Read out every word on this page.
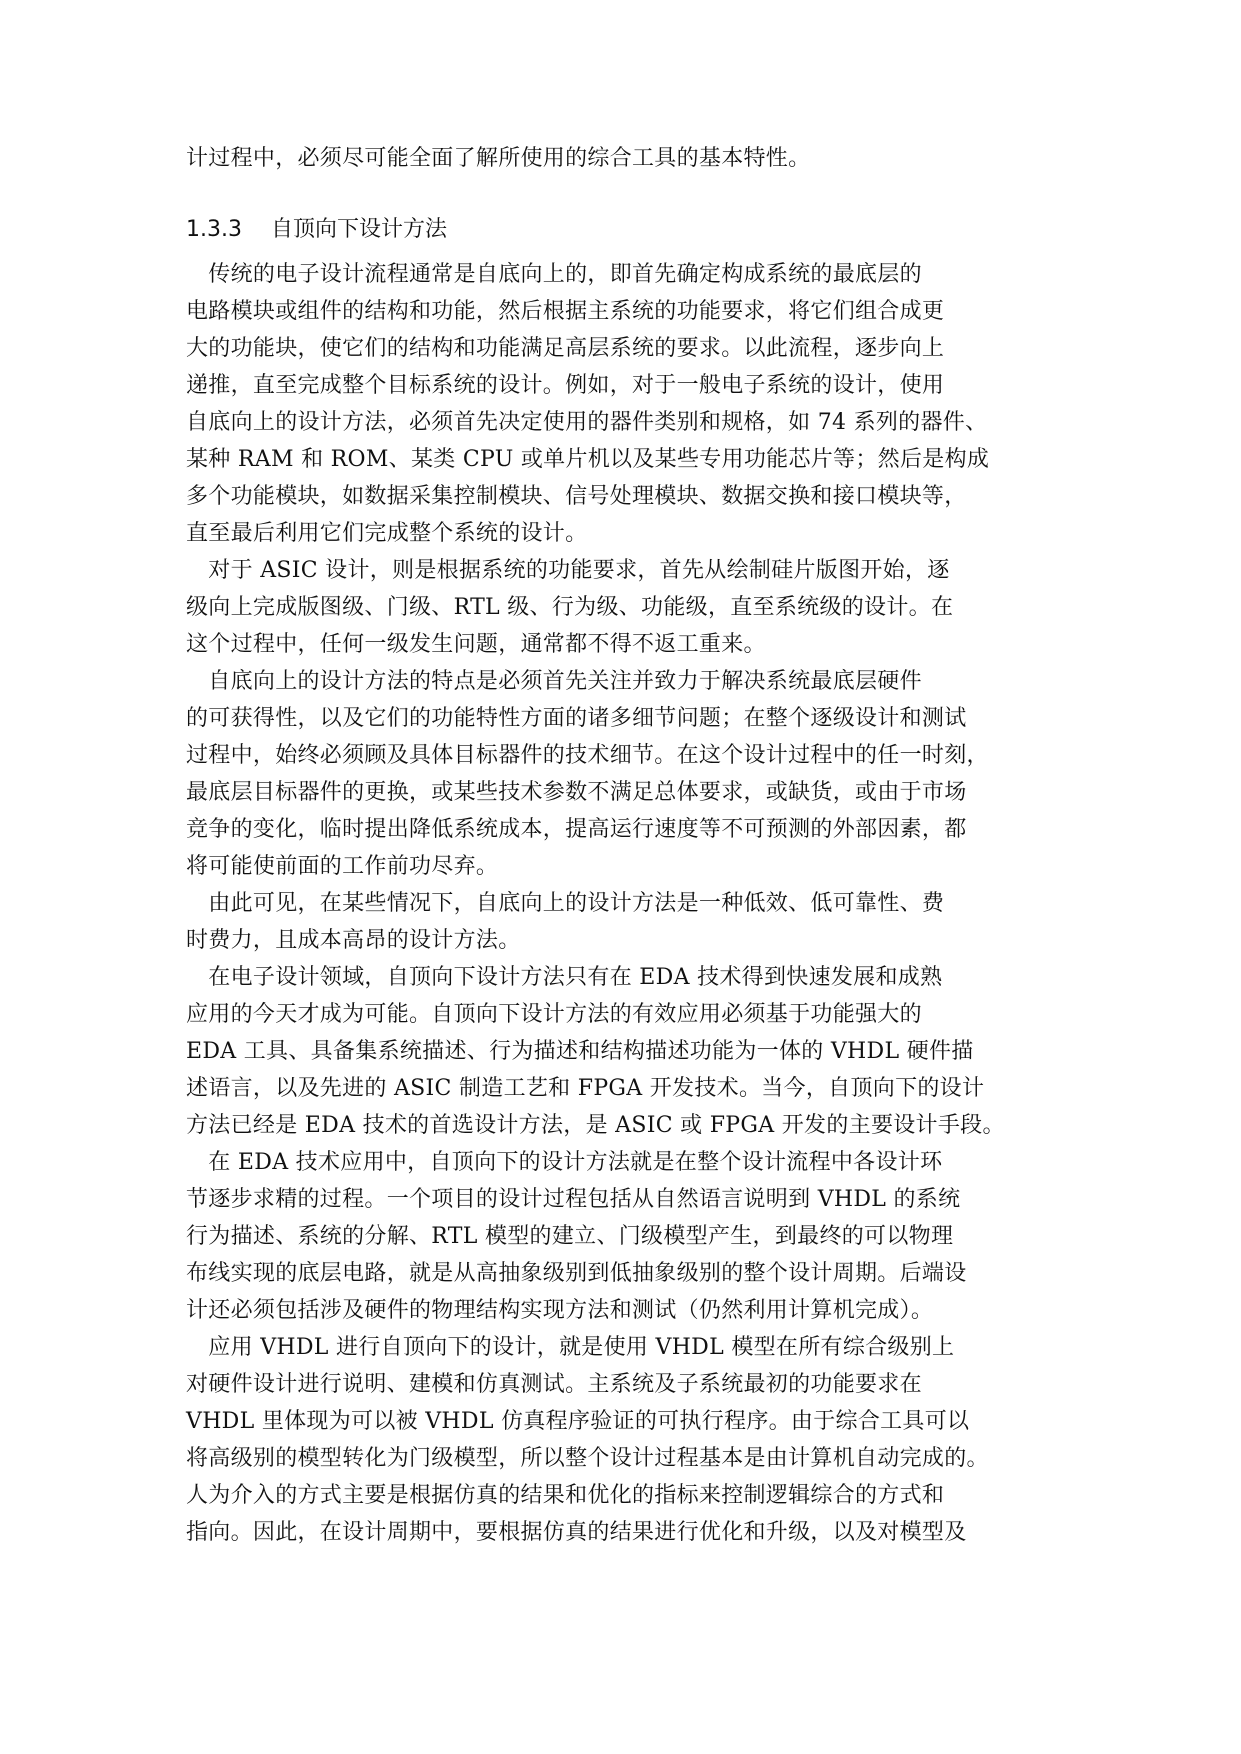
计过程中，必须尽可能全面了解所使用的综合工具的基本特性。
1.3.3 自顶向下设计方法
　传统的电子设计流程通常是自底向上的，即首先确定构成系统的最底层的
电路模块或组件的结构和功能，然后根据主系统的功能要求，将它们组合成更
大的功能块，使它们的结构和功能满足高层系统的要求。以此流程，逐步向上
递推，直至完成整个目标系统的设计。例如，对于一般电子系统的设计，使用
自底向上的设计方法，必须首先决定使用的器件类别和规格，如 74 系列的器件、
某种 RAM 和 ROM、某类 CPU 或单片机以及某些专用功能芯片等；然后是构成
多个功能模块，如数据采集控制模块、信号处理模块、数据交换和接口模块等，
直至最后利用它们完成整个系统的设计。
　对于 ASIC 设计，则是根据系统的功能要求，首先从绘制硅片版图开始，逐
级向上完成版图级、门级、RTL 级、行为级、功能级，直至系统级的设计。在
这个过程中，任何一级发生问题，通常都不得不返工重来。
　自底向上的设计方法的特点是必须首先关注并致力于解决系统最底层硬件
的可获得性，以及它们的功能特性方面的诸多细节问题；在整个逐级设计和测试
过程中，始终必须顾及具体目标器件的技术细节。在这个设计过程中的任一时刻，
最底层目标器件的更换，或某些技术参数不满足总体要求，或缺货，或由于市场
竞争的变化，临时提出降低系统成本，提高运行速度等不可预测的外部因素，都
将可能使前面的工作前功尽弃。
　由此可见，在某些情况下，自底向上的设计方法是一种低效、低可靠性、费
时费力，且成本高昂的设计方法。
　在电子设计领域，自顶向下设计方法只有在 EDA 技术得到快速发展和成熟
应用的今天才成为可能。自顶向下设计方法的有效应用必须基于功能强大的
EDA 工具、具备集系统描述、行为描述和结构描述功能为一体的 VHDL 硬件描
述语言，以及先进的 ASIC 制造工艺和 FPGA 开发技术。当今，自顶向下的设计
方法已经是 EDA 技术的首选设计方法，是 ASIC 或 FPGA 开发的主要设计手段。
　在 EDA 技术应用中，自顶向下的设计方法就是在整个设计流程中各设计环
节逐步求精的过程。一个项目的设计过程包括从自然语言说明到 VHDL 的系统
行为描述、系统的分解、RTL 模型的建立、门级模型产生，到最终的可以物理
布线实现的底层电路，就是从高抽象级别到低抽象级别的整个设计周期。后端设
计还必须包括涉及硬件的物理结构实现方法和测试（仍然利用计算机完成）。
　应用 VHDL 进行自顶向下的设计，就是使用 VHDL 模型在所有综合级别上
对硬件设计进行说明、建模和仿真测试。主系统及子系统最初的功能要求在
VHDL 里体现为可以被 VHDL 仿真程序验证的可执行程序。由于综合工具可以
将高级别的模型转化为门级模型，所以整个设计过程基本是由计算机自动完成的。
人为介入的方式主要是根据仿真的结果和优化的指标来控制逻辑综合的方式和
指向。因此，在设计周期中，要根据仿真的结果进行优化和升级，以及对模型及
